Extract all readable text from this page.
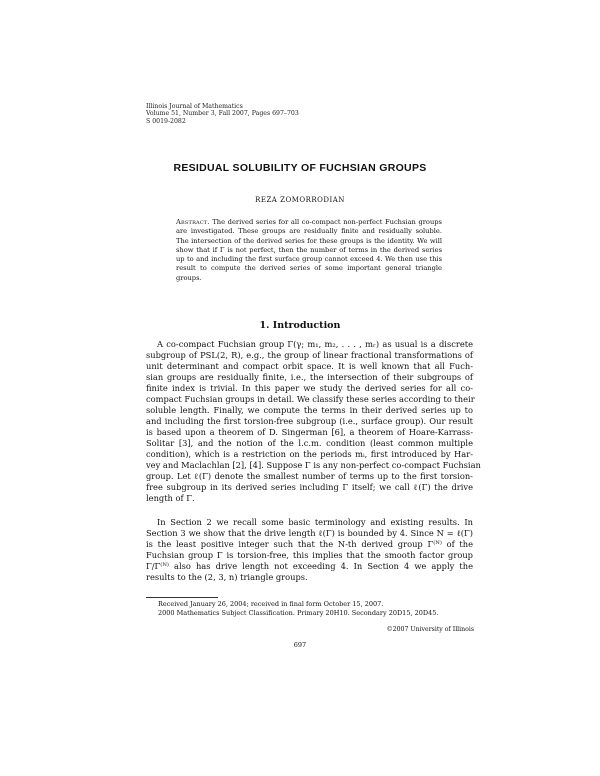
Illinois Journal of Mathematics
Volume 51, Number 3, Fall 2007, Pages 697–703
S 0019-2082
RESIDUAL SOLUBILITY OF FUCHSIAN GROUPS
REZA ZOMORRODIAN
Abstract. The derived series for all co-compact non-perfect Fuchsian groups are investigated. These groups are residually finite and residually soluble. The intersection of the derived series for these groups is the identity. We will show that if Γ is not perfect, then the number of terms in the derived series up to and including the first surface group cannot exceed 4. We then use this result to compute the derived series of some important general triangle groups.
1. Introduction
A co-compact Fuchsian group Γ(γ; m₁, m₂, . . . , mᵣ) as usual is a discrete
subgroup of PSL(2, R), e.g., the group of linear fractional transformations of
unit determinant and compact orbit space. It is well known that all Fuch-
sian groups are residually finite, i.e., the intersection of their subgroups of
finite index is trivial. In this paper we study the derived series for all co-
compact Fuchsian groups in detail. We classify these series according to their
soluble length. Finally, we compute the terms in their derived series up to
and including the first torsion-free subgroup (i.e., surface group). Our result
is based upon a theorem of D. Singerman [6], a theorem of Hoare-Karrass-
Solitar [3], and the notion of the l.c.m. condition (least common multiple
condition), which is a restriction on the periods mᵢ, first introduced by Har-
vey and Maclachlan [2], [4]. Suppose Γ is any non-perfect co-compact Fuchsian
group. Let ℓ(Γ) denote the smallest number of terms up to the first torsion-
free subgroup in its derived series including Γ itself; we call ℓ(Γ) the drive
length of Γ.
In Section 2 we recall some basic terminology and existing results. In
Section 3 we show that the drive length ℓ(Γ) is bounded by 4. Since N = ℓ(Γ)
is the least positive integer such that the N-th derived group Γ⁽ᴺ⁾ of the
Fuchsian group Γ is torsion-free, this implies that the smooth factor group
Γ/Γ⁽ᴺ⁾ also has drive length not exceeding 4. In Section 4 we apply the
results to the (2, 3, n) triangle groups.
Received January 26, 2004; received in final form October 15, 2007.
2000 Mathematics Subject Classification. Primary 20H10. Secondary 20D15, 20D45.
©2007 University of Illinois
697
